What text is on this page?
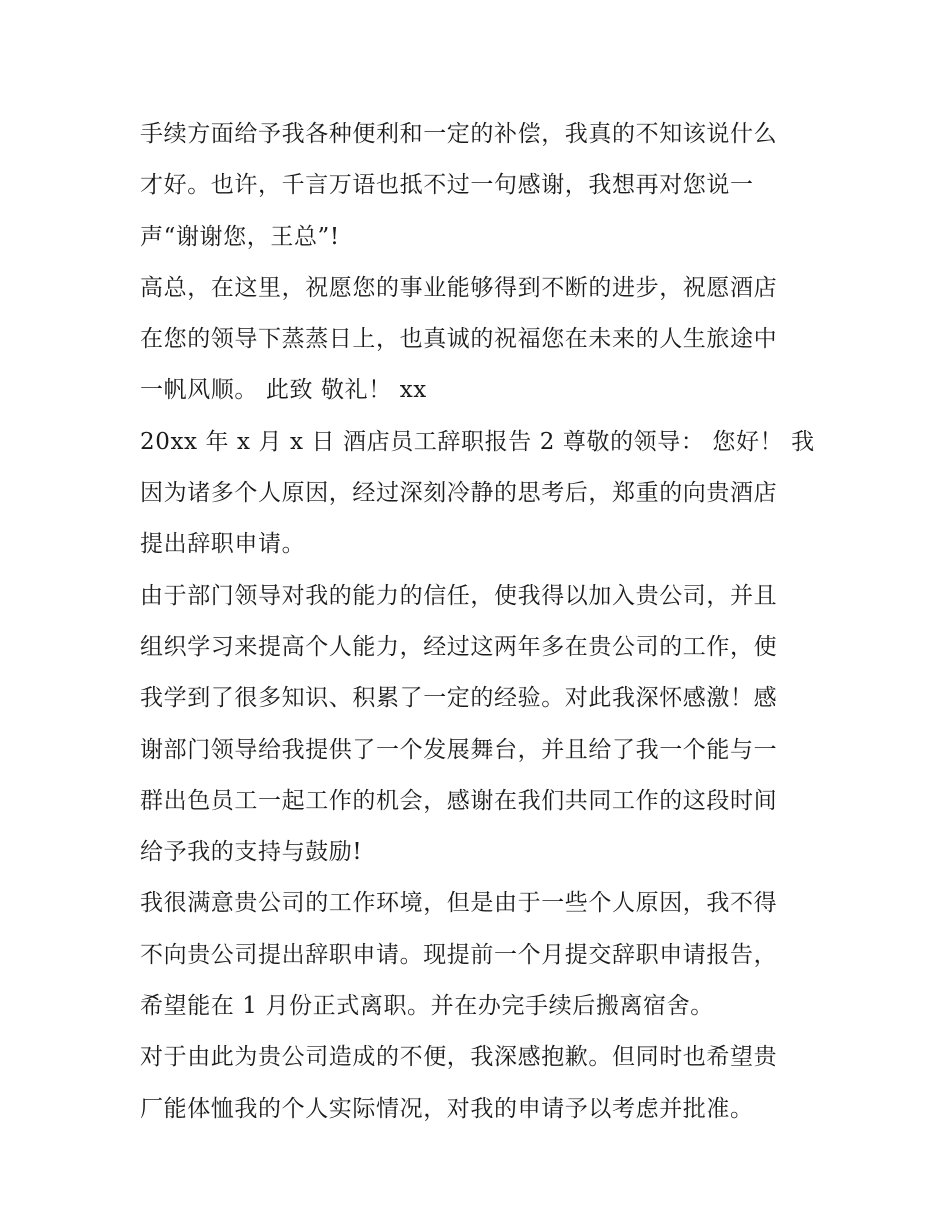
手续方面给予我各种便利和一定的补偿，我真的不知该说什么
才好。也许，千言万语也抵不过一句感谢，我想再对您说一
声“谢谢您，王总”!
高总，在这里，祝愿您的事业能够得到不断的进步，祝愿酒店
在您的领导下蒸蒸日上，也真诚的祝福您在未来的人生旅途中
一帆风顺。 此致 敬礼！ xx
20xx 年 x 月 x 日 酒店员工辞职报告 2 尊敬的领导： 您好！ 我
因为诸多个人原因，经过深刻冷静的思考后，郑重的向贵酒店
提出辞职申请。
由于部门领导对我的能力的信任，使我得以加入贵公司，并且
组织学习来提高个人能力，经过这两年多在贵公司的工作，使
我学到了很多知识、积累了一定的经验。对此我深怀感激！感
谢部门领导给我提供了一个发展舞台，并且给了我一个能与一
群出色员工一起工作的机会，感谢在我们共同工作的这段时间
给予我的支持与鼓励!
我很满意贵公司的工作环境，但是由于一些个人原因，我不得
不向贵公司提出辞职申请。现提前一个月提交辞职申请报告，
希望能在 1 月份正式离职。并在办完手续后搬离宿舍。
对于由此为贵公司造成的不便，我深感抱歉。但同时也希望贵
厂能体恤我的个人实际情况，对我的申请予以考虑并批准。
